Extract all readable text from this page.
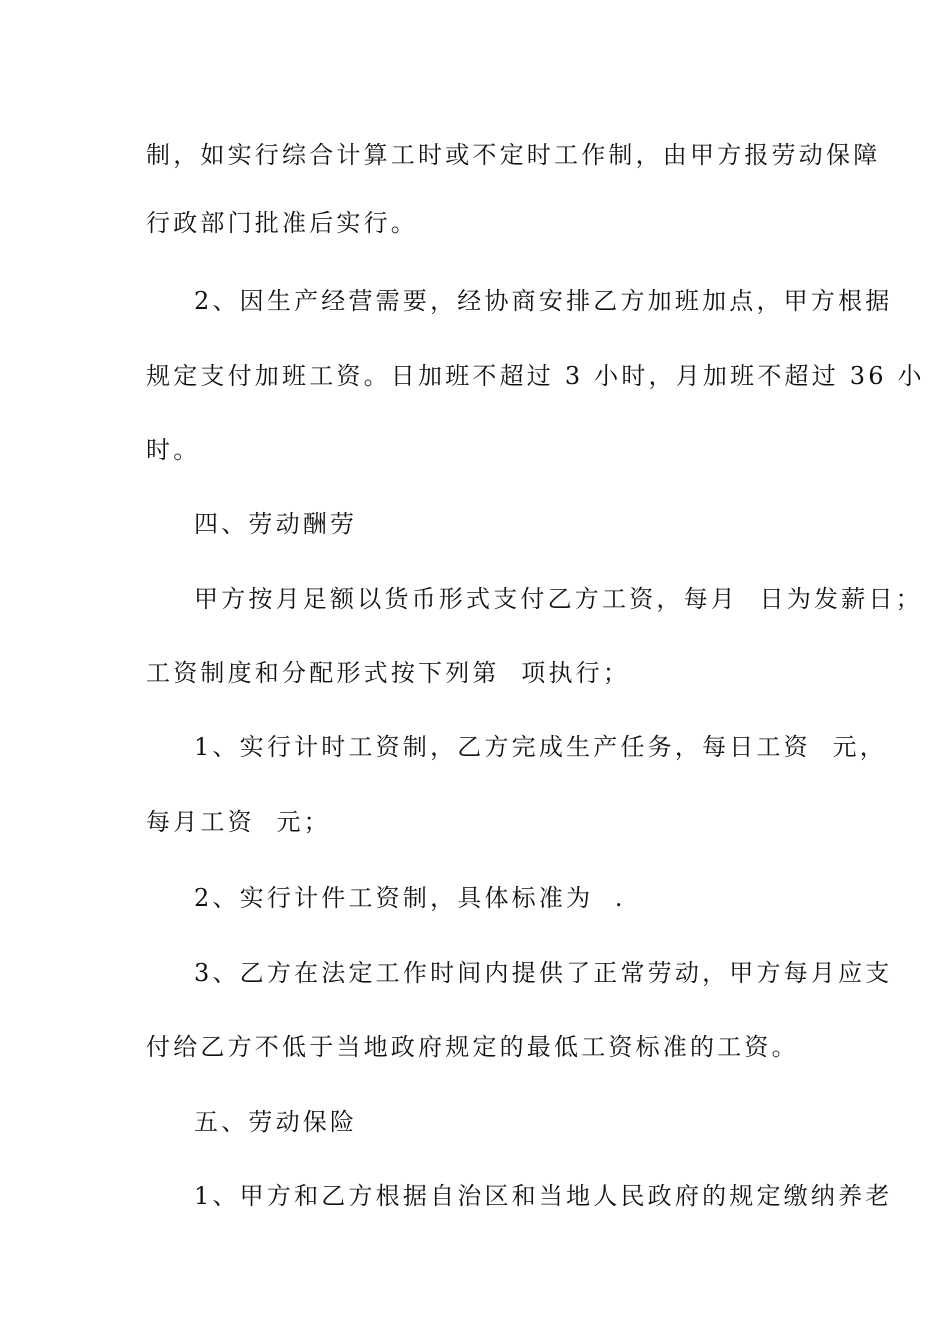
制，如实行综合计算工时或不定时工作制，由甲方报劳动保障
行政部门批准后实行。
2、因生产经营需要，经协商安排乙方加班加点，甲方根据
规定支付加班工资。日加班不超过 3 小时，月加班不超过 36 小
时。
四、劳动酬劳
甲方按月足额以货币形式支付乙方工资，每月  日为发薪日；
工资制度和分配形式按下列第  项执行；
1、实行计时工资制，乙方完成生产任务，每日工资  元，
每月工资  元；
2、实行计件工资制，具体标准为  .
3、乙方在法定工作时间内提供了正常劳动，甲方每月应支
付给乙方不低于当地政府规定的最低工资标准的工资。
五、劳动保险
1、甲方和乙方根据自治区和当地人民政府的规定缴纳养老
